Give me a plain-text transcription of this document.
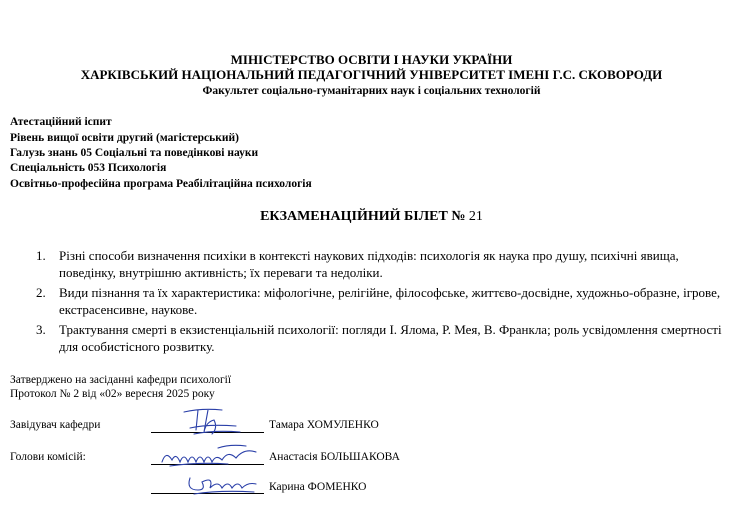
МІНІСТЕРСТВО ОСВІТИ І НАУКИ УКРАЇНИ
ХАРКІВСЬКИЙ НАЦІОНАЛЬНИЙ ПЕДАГОГІЧНИЙ УНІВЕРСИТЕТ ІМЕНІ Г.С. СКОВОРОДИ
Факультет соціально-гуманітарних наук і соціальних технологій
Атестаційний іспит
Рівень вищої освіти другий (магістерський)
Галузь знань 05 Соціальні та поведінкові науки
Спеціальність 053 Психологія
Освітньо-професійна програма Реабілітаційна психологія
ЕКЗАМЕНАЦІЙНИЙ БІЛЕТ № 21
1. Різні способи визначення психіки в контексті наукових підходів: психологія як наука про душу, психічні явища, поведінку, внутрішню активність; їх переваги та недоліки.
2. Види пізнання та їх характеристика: міфологічне, релігійне, філософське, життєво-досвідне, художньо-образне, ігрове, екстрасенсивне, наукове.
3. Трактування смерті в екзистенціальній психології: погляди І. Ялома, Р. Мея, В. Франкла; роль усвідомлення смертності для особистісного розвитку.
Затверджено на засіданні кафедри психології
Протокол № 2 від «02» вересня 2025 року
Завідувач кафедри	Тамара ХОМУЛЕНКО
Голови комісій:	Анастасія БОЛЬШАКОВА
Карина ФОМЕНКО
